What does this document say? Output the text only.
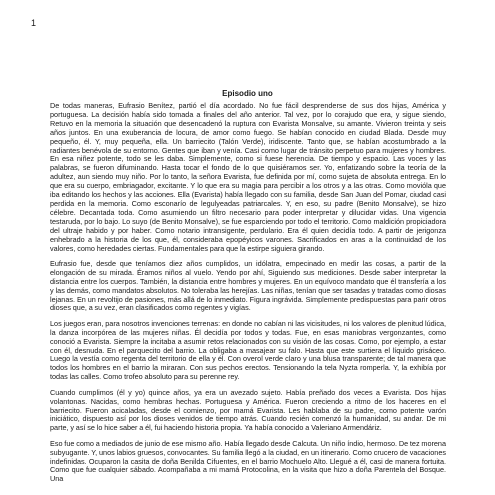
1
Episodio uno

De todas maneras, Eufrasio Benítez, partió el día acordado. No fue fácil desprenderse de sus dos hijas, América y portuguesa. La decisión había sido tomada a finales del año anterior. Tal vez, por lo corajudo que era, y sigue siendo, Retuvo en la memoria la situación que desencadenó la ruptura con Evarista Monsalve, su amante. Vivieron treinta y seis años juntos. En una exuberancia de locura, de amor como fuego. Se habían conocido en ciudad Blada. Desde muy pequeño, él. Y, muy pequeña, ella. Un barriecito (Talón Verde), iridiscente. Tanto que, se habían acostumbrado a la radiantes benévola de su entorno. Gentes que iban y venía. Casi como lugar de tránsito perpetuo para mujeres y hombres. En esa niñez potente, todo se les daba. Simplemente, como si fuese herencia. De tiempo y espacio. Las voces y las palabras, se fueron difuminando. Hasta tocar el fondo de lo que quisiéramos ser. Yo, enfatizando sobre la teoría de la adultez, aun siendo muy niño. Por lo tanto, la señora Evarista, fue definida por mí, como sujeta de absoluta entrega. En lo que era su cuerpo, embriagador, excitante. Y lo que era su magia para percibir a los otros y a las otras. Como movióla que iba editando los hechos y las acciones. Ella (Evarista) había llegado con su familia, desde San Juan del Pomar, ciudad casi perdida en la memoria. Como esconarío de legulyeadas patriarcales. Y, en eso, su padre (Benito Monsalve), se hizo célebre. Decantada toda. Como asumiendo un filtro necesario para poder interpretar y dilucidar vidas. Una vigencia testaruda, por lo bajo. Lo suyo (de Benito Monsalve), se fue esparciendo por todo el territorio. Como maldición propiciadora del ultraje habido y por haber. Como notario intransigente, perdulario. Era él quien decidía todo. A partir de jerigonza enhebrado a la historia de los que, él, consideraba epopéyicos varones. Sacrificados en aras a la continuidad de los valores, como heredades ciertas. Fundamentales para que la estirpe siguiera girando.

Eufrasio fue, desde que teníamos diez años cumplidos, un idólatra, empecinado en medir las cosas, a partir de la elongación de su mirada. Éramos niños al vuelo. Yendo por ahí, Siguiendo sus mediciones. Desde saber interpretar la distancia entre los cuerpos. También, la distancia entre hombres y mujeres. En un equívoco mandato que él transfería a los y las demás, como mandatos absolutos. No toleraba las herejías. Las niñas, tenían que ser tasadas y tratadas como diosas lejanas. En un revoltijo de pasiones, más allá de lo inmediato. Figura ingrávida. Simplemente predispuestas para parir otros dioses que, a su vez, eran clasificados como regentes y vigías.

Los juegos eran, para nosotros invenciones terrenas: en donde no cabían ni las vicisitudes, ni los valores de plenitud lúdica, la danza incorpórea de las mujeres niñas. Él decidía por todos y todas. Fue, en esas maniobras vergonzantes, como conoció a Evarista. Siempre la incitaba a asumir retos relacionados con su visión de las cosas. Como, por ejemplo, a estar con él, desnuda. En el parquecito del barrio. La obligaba a masajear su falo. Hasta que este surtiera el líquido grisáceo. Luego la vestía como regenta del territorio de ella y él. Con overol verde claro y una blusa transparente; de tal manera que todos los hombres en el barrio la miraran. Con sus pechos erectos. Tensionando la tela Nyzta romperla. Y, la exhibía por todas las calles. Como trofeo absoluto para su perenne rey.

Cuando cumplimos (él y yo) quince años, ya era un avezado sujeto. Había preñado dos veces a Evarista. Dos hijas volantonas. Nacidas, como hembras hechas. Portuguesa y América. Fueron creciendo a ritmo de los haceres en el barriecito. Fueron acicaladas, desde el comienzo, por mamá Evarista. Les hablaba de su padre, como potente varón iniciático, dispuesto así por los dioses venidos de tiempo atrás. Cuando recién comenzó la humanidad, su andar. De mi parte, y así se lo hice saber a él, fui haciendo historia propia. Ya había conocido a Valeriano Armendáriz.

Eso fue como a mediados de junio de ese mismo año. Había llegado desde Calcuta. Un niño índio, hermoso. De tez morena subyugante. Y, unos labios gruesos, convocantes. Su familia llegó a la ciudad, en un itinerario. Como crucero de vacaciones indefinidas. Ocuparon la casita de doña Benilda Cifuentes, en el barrio Mochuelo Alto. Llegué a él, casi de manera fortuita. Como que fue cualquier sábado. Acompañaba a mi mamá Protocolina, en la visita que hizo a doña Parentela del Bosque. Una
